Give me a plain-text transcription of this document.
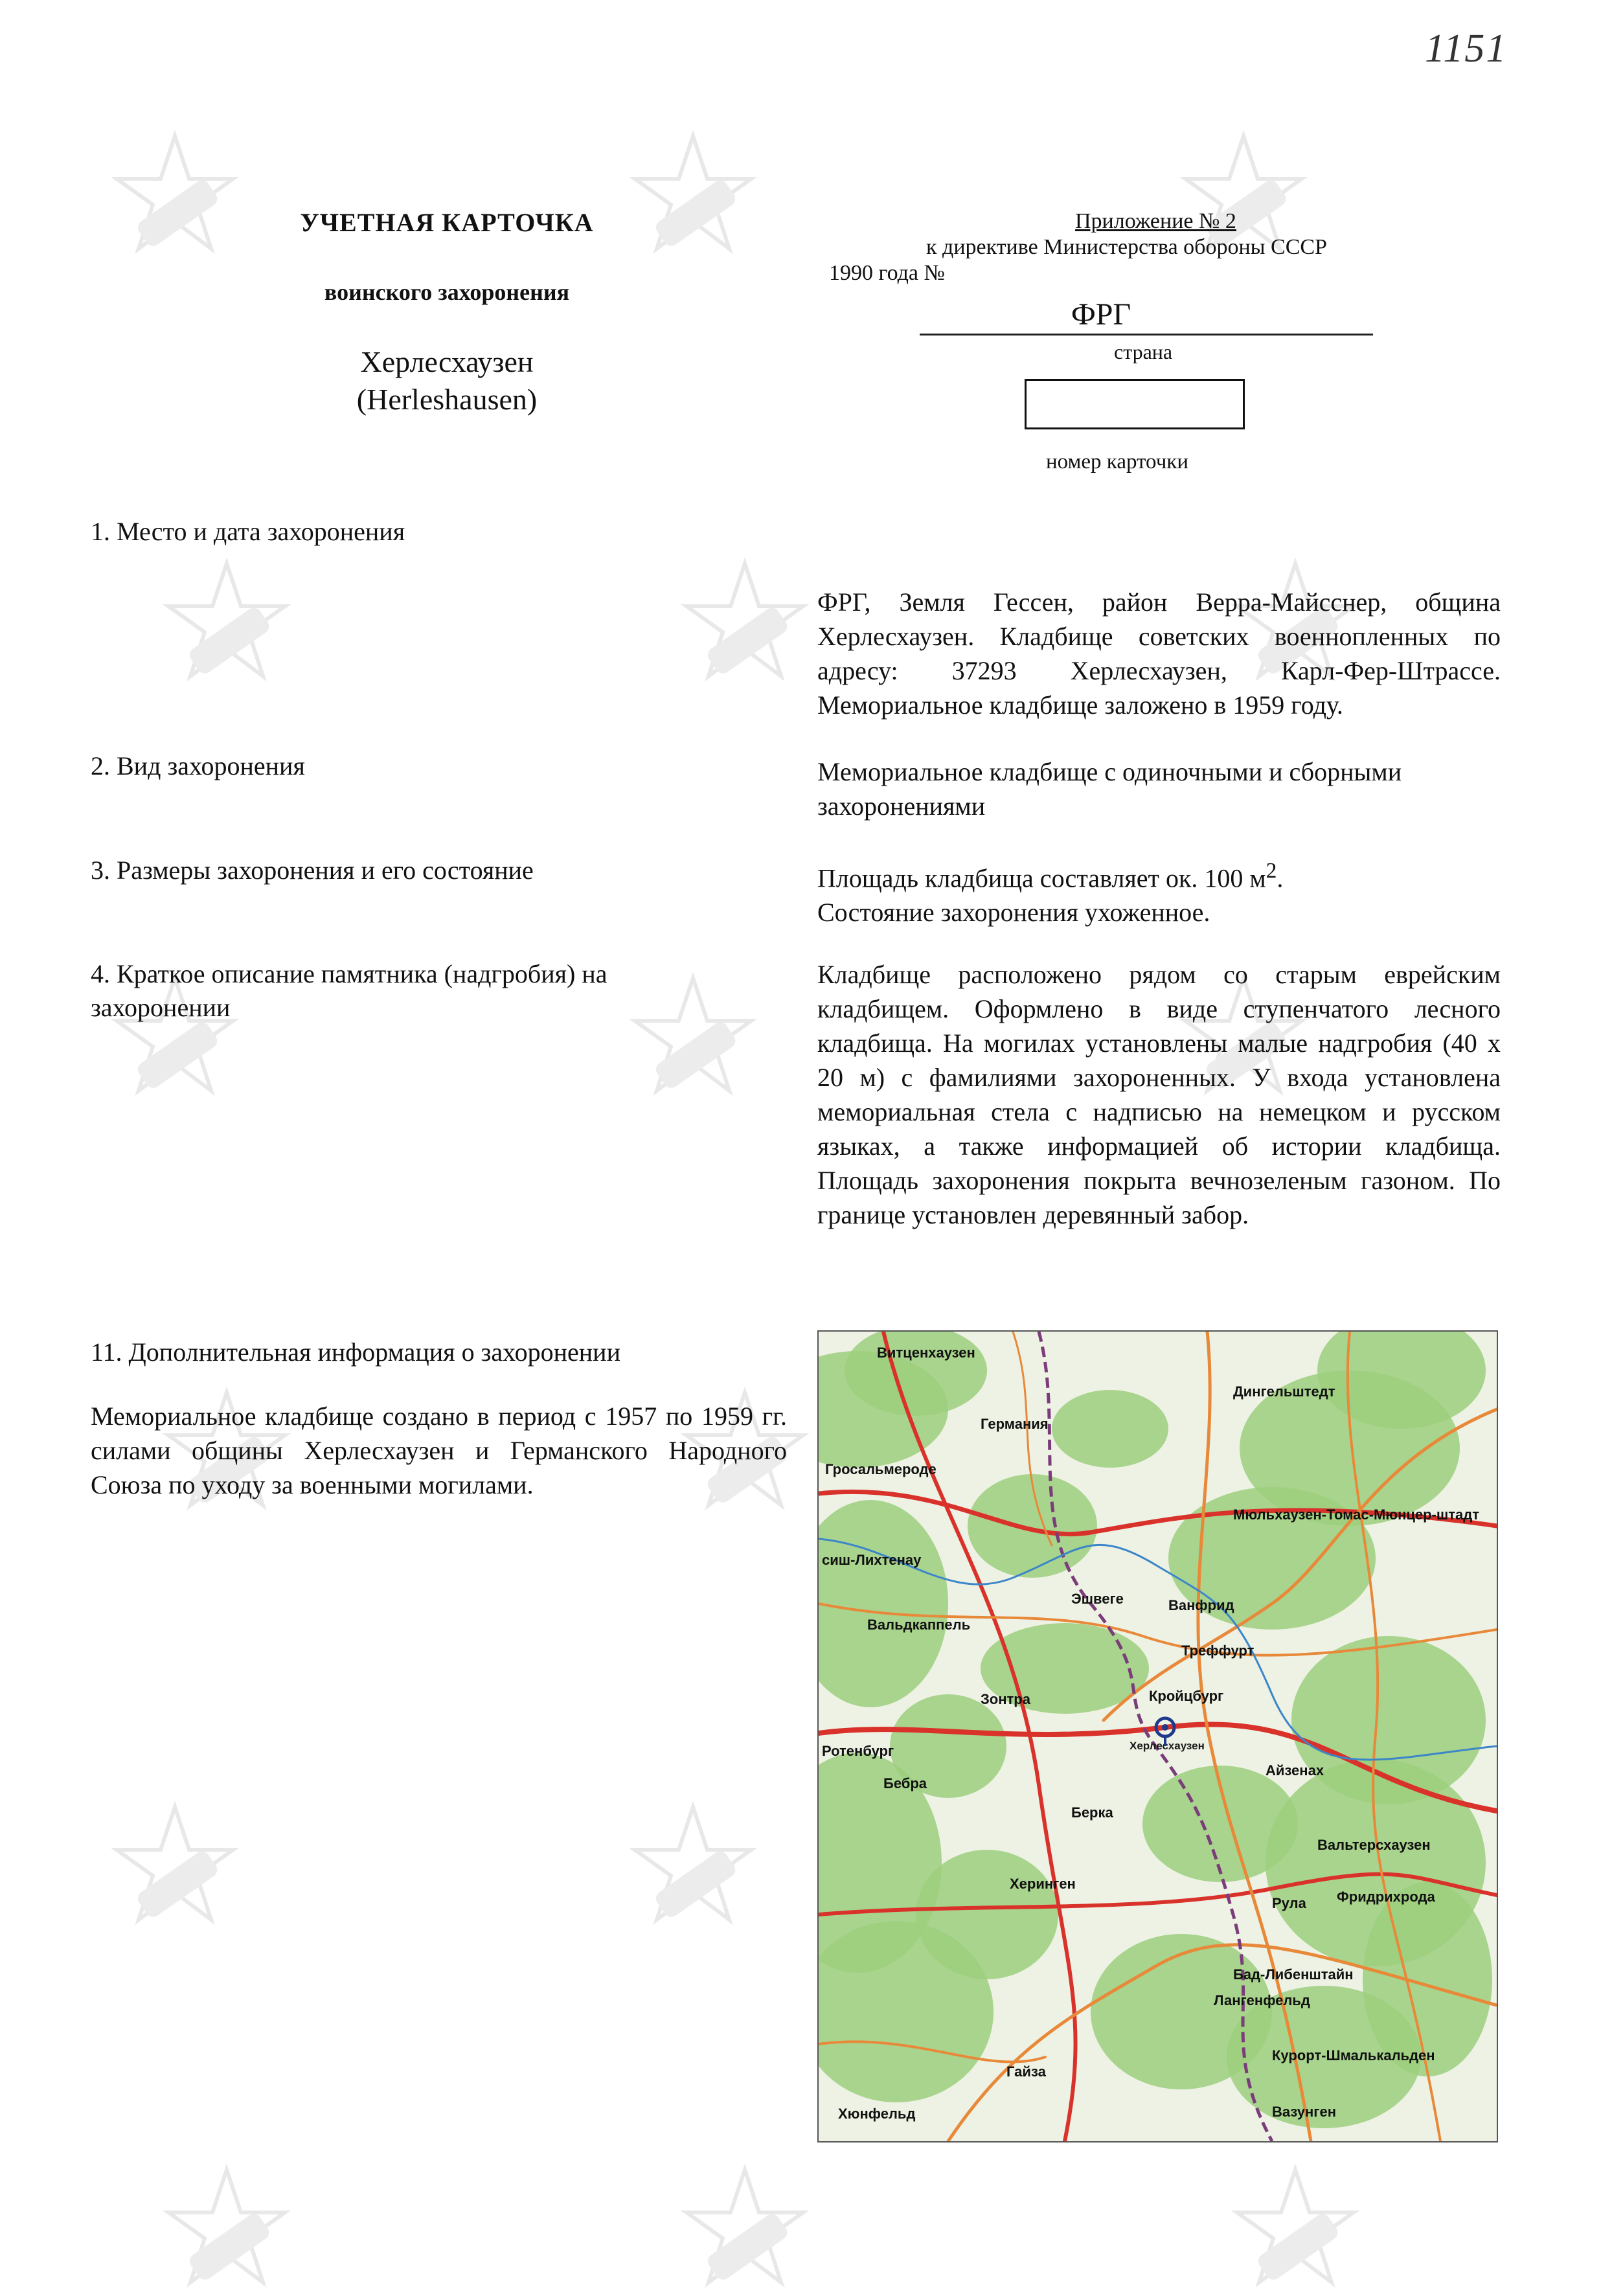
1151
УЧЕТНАЯ КАРТОЧКА
воинского захоронения
Херлесхаузен
(Herleshausen)
Приложение № 2
к директиве Министерства обороны СССР
1990 года №
ФРГ
страна
номер карточки
1. Место и дата захоронения
ФРГ, Земля Гессен, район Верра-Майсснер, община Херлесхаузен. Кладбище советских военнопленных по адресу: 37293 Херлесхаузен, Карл-Фер-Штрассе. Мемориальное кладбище заложено в 1959 году.
2. Вид захоронения	Мемориальное кладбище с одиночными и сборными захоронениями
3. Размеры захоронения и его состояние	Площадь кладбища составляет ок. 100 $м^2$.
Состояние захоронения ухоженное.
4. Краткое описание памятника (надгробия) на захоронении
Кладбище расположено рядом со старым еврейским кладбищем. Оформлено в виде ступенчатого лесного кладбища. На могилах установлены малые надгробия (40 х 20 м) с фамилиями захороненных. У входа установлена мемориальная стела с надписью на немецком и русском языках, а также информацией об истории кладбища. Площадь захоронения покрыта вечнозеленым газоном. По границе установлен деревянный забор.
11. Дополнительная информация о захоронении
Мемориальное кладбище создано в период с 1957 по 1959 гг. силами общины Херлесхаузен и Германского Народного Союза по уходу за военными могилами.
Витценхаузен
Дингельштедт
Германия
Гросальмероде
Мюльхаузен-Томас-Мюнцер-штадт
сиш-Лихтенау
Эшвеге	Ванфрид
Вальдкаппель
Треффурт
Зонтра	Кройцбург
Херлесхаузен
Ротенбург
Айзенах
Бебра
Берка
Вальтерсхаузен
Херинген
Рула Фридрихрода
Бад-Либенштайн
Лангенфельд
Курорт-Шмалькальден
Гайза
Хюнфельд	Вазунген
